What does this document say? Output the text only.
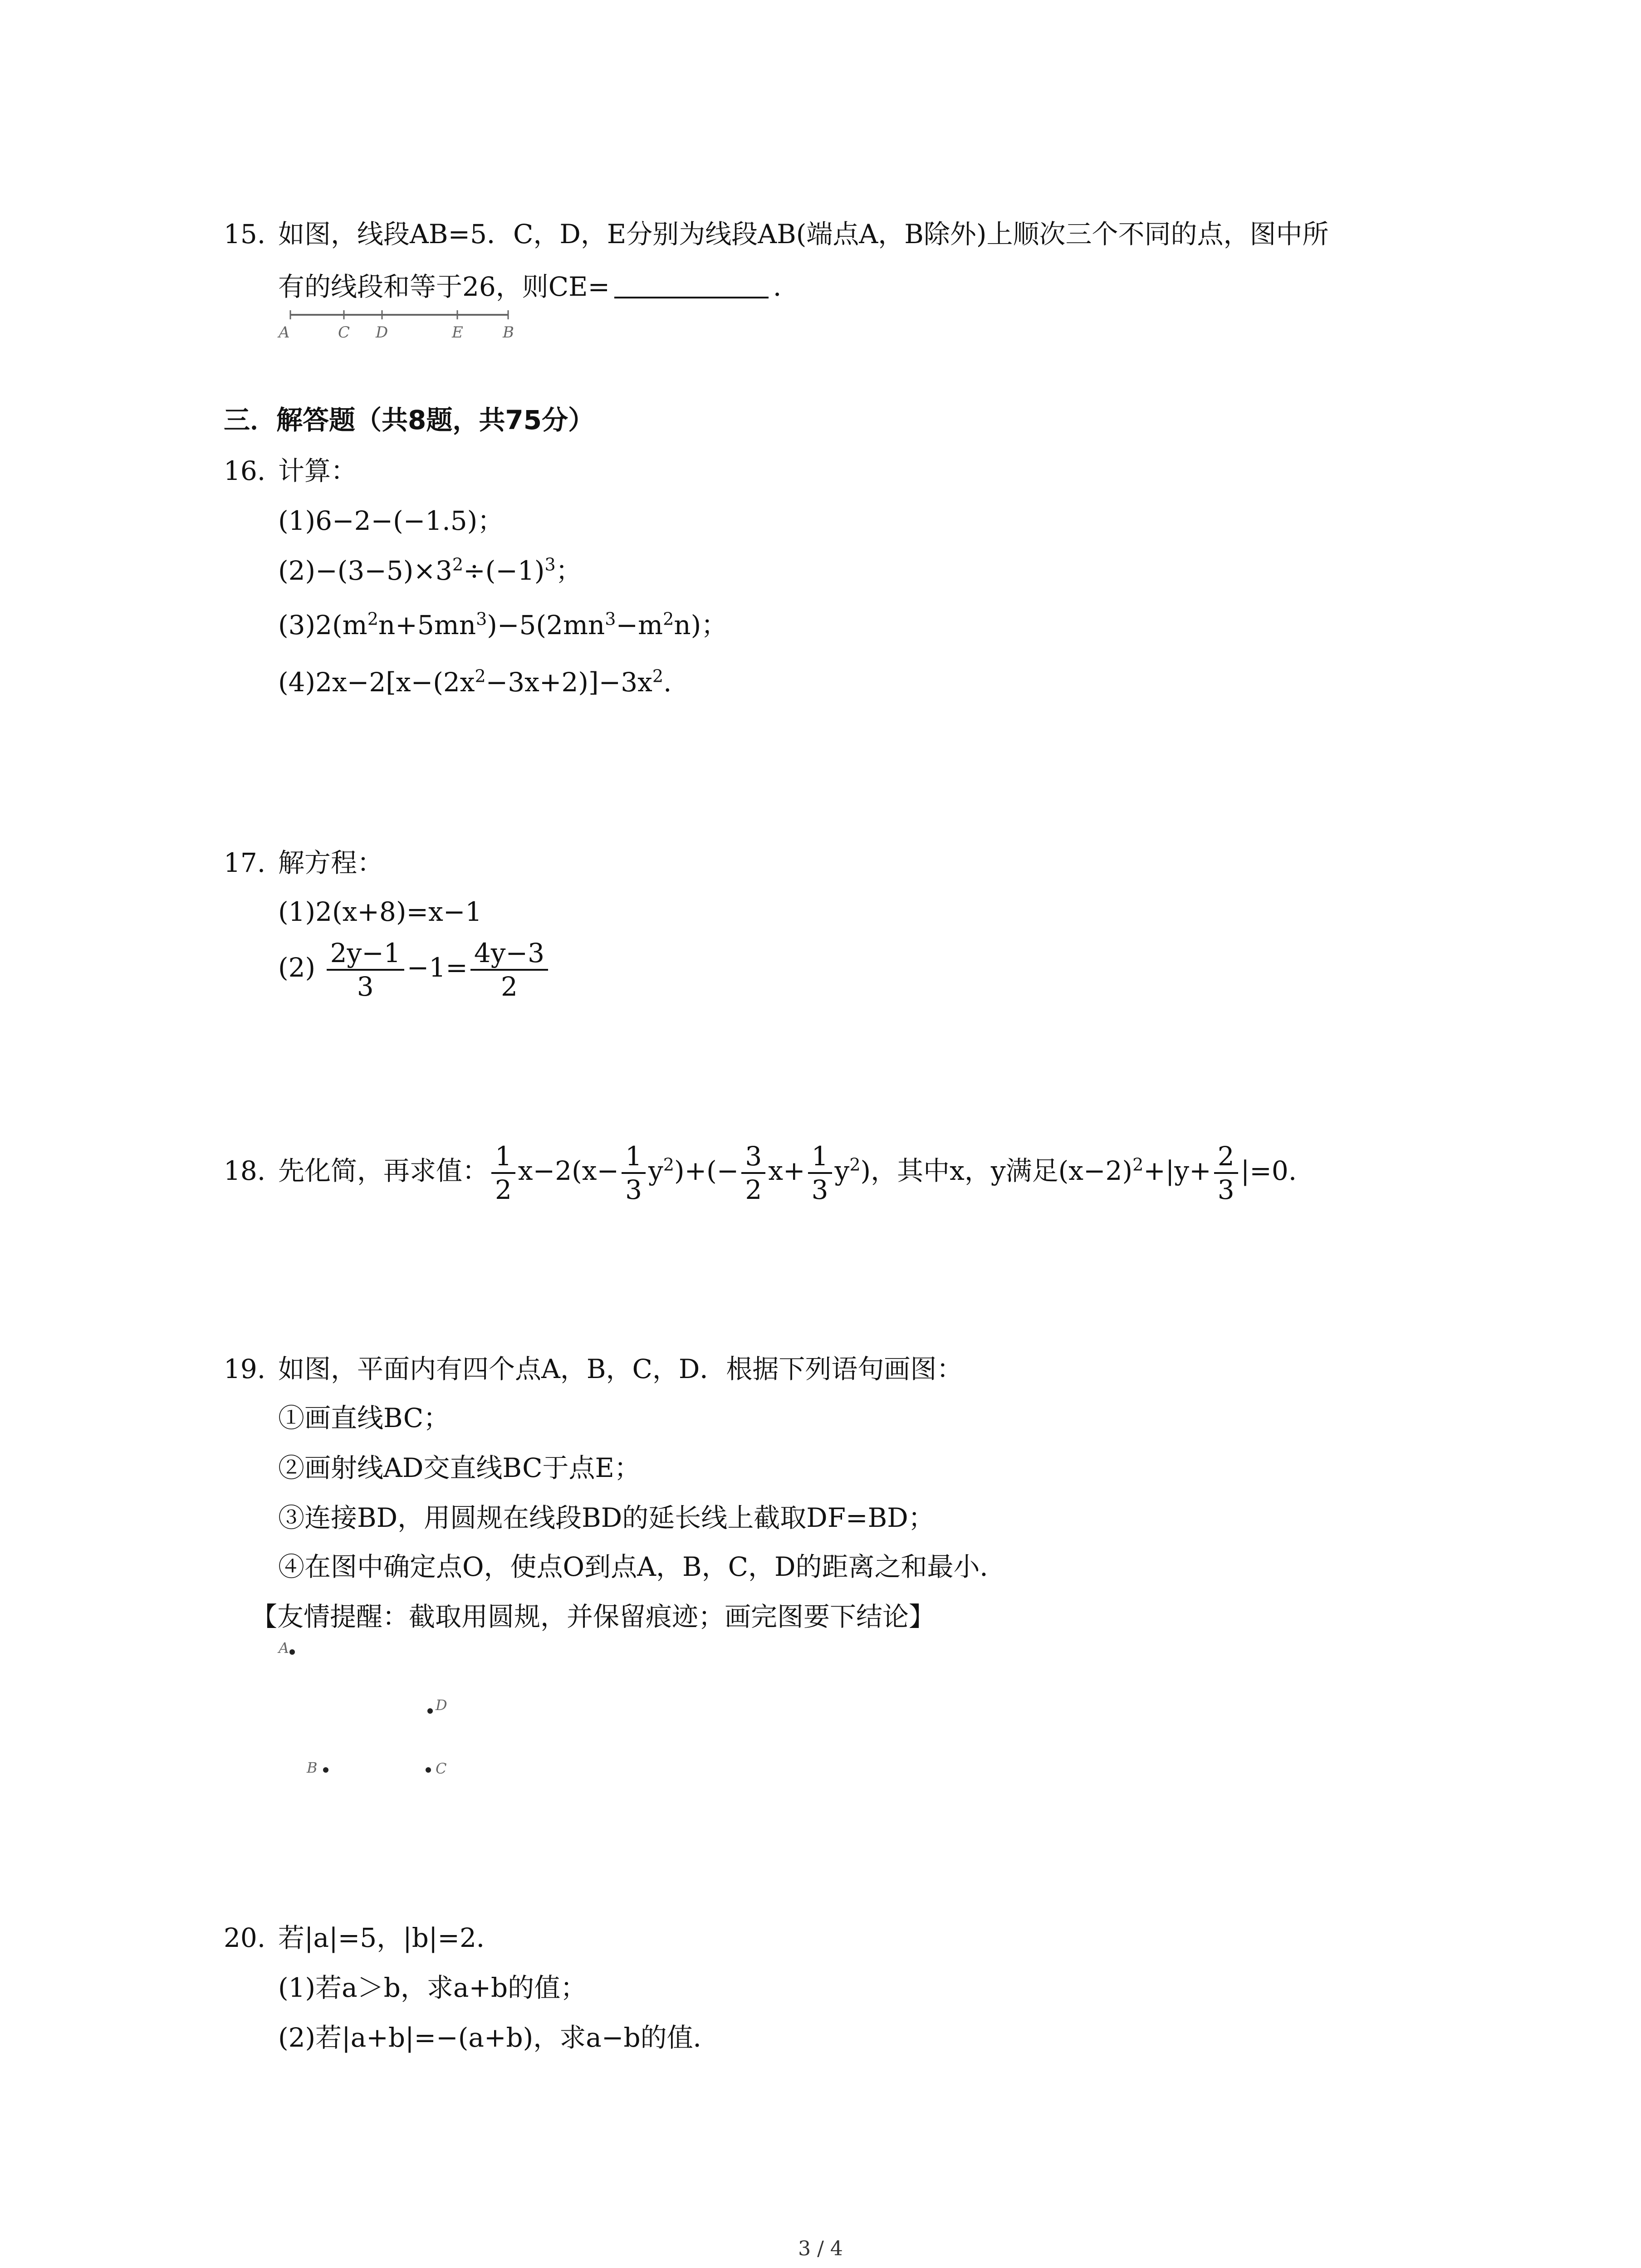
15. 如图，线段AB=5．C，D，E分别为线段AB(端点A，B除外)上顺次三个不同的点，图中所
有的线段和等于26，则CE=	．
A	C D	E	B
三．解答题（共8题，共75分）
16. 计算：
(1)6−2−(−1.5)；
$(2)-(3-5)\times 3^2\div(-1)^3$；
$(3)2(m^2n+5mn^3)-5(2mn^3-m^2n)$；
$(4)2x-2[x-(2x^2-3x+2)]-3x^2$.
17. 解方程：
(1)2(x+8)=x−1
$(2) \frac{2y-1}{3} -1= \frac{4y-3}{2}$
18. 先化简，再求值： $\frac{1}{2} x-2(x- \frac{1}{3} y^2)+(- \frac{3}{2} x+ \frac{1}{3} y^2)$，其中x，y满足$(x-2)^2+|y+ \frac{2}{3} |=0$.
19. 如图，平面内有四个点A，B，C，D．根据下列语句画图：
①画直线BC；
②画射线AD交直线BC于点E；
③连接BD，用圆规在线段BD的延长线上截取DF=BD；
④在图中确定点O，使点O到点A，B，C，D的距离之和最小．
【友情提醒：截取用圆规，并保留痕迹；画完图要下结论】
A
D
B	C
20. 若|a|=5，|b|=2．
(1)若a＞b，求a+b的值；
(2)若|a+b|=−(a+b)，求a−b的值．
3 / 4
